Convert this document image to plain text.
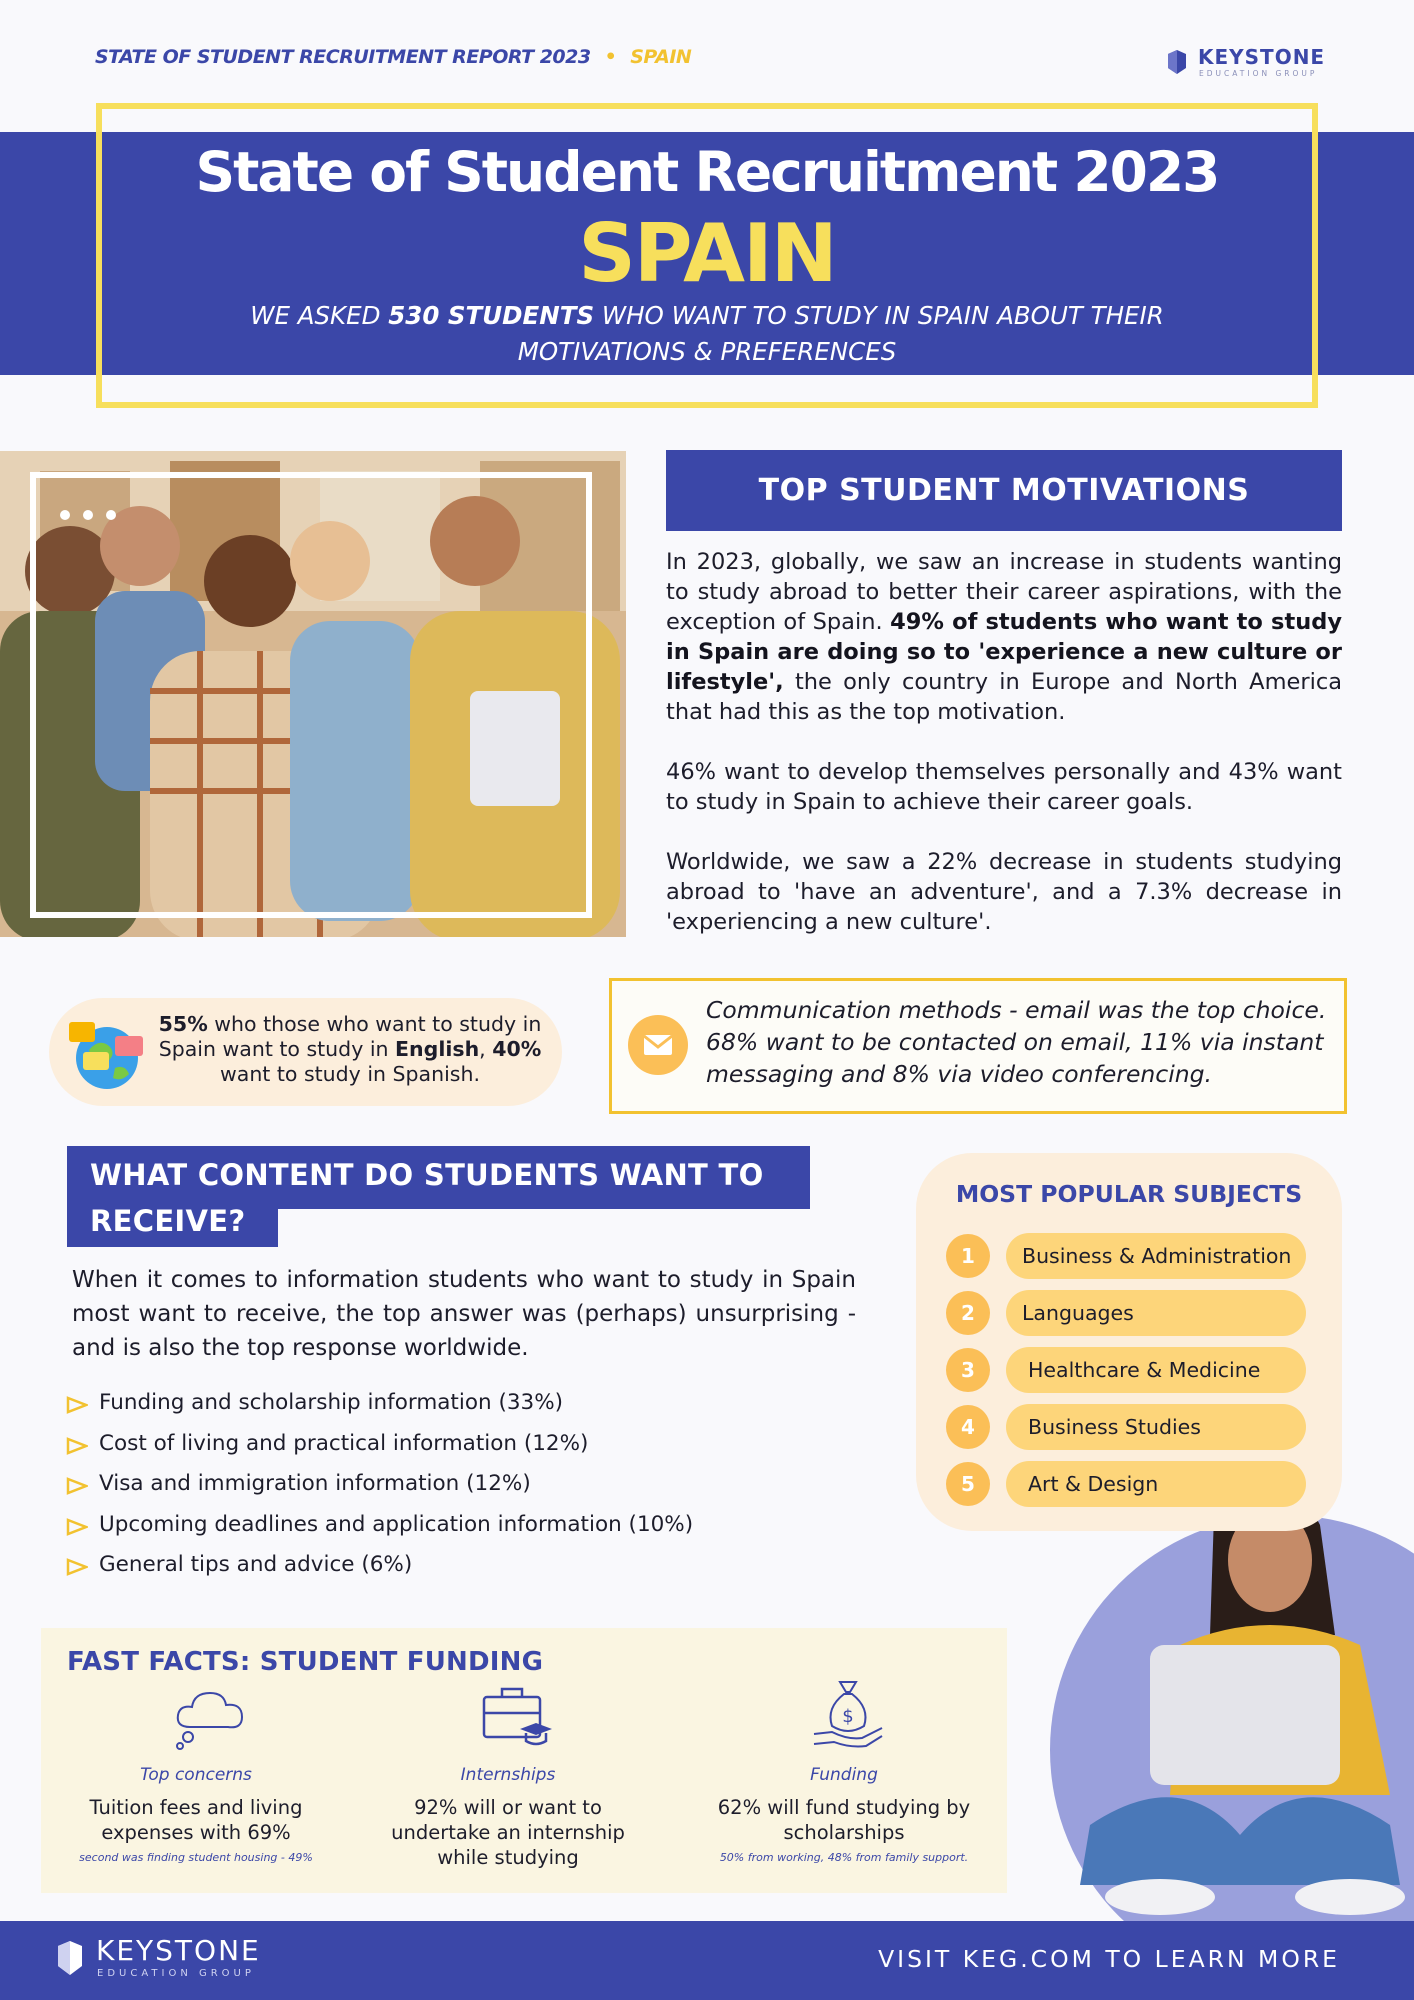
STATE OF STUDENT RECRUITMENT REPORT 2023 • SPAIN	KEYSTONE
EDUCATION GROUP
State of Student Recruitment 2023
SPAIN
WE ASKED 530 STUDENTS WHO WANT TO STUDY IN SPAIN ABOUT THEIR MOTIVATIONS & PREFERENCES
TOP STUDENT MOTIVATIONS

In 2023, globally, we saw an increase in students wanting to study abroad to better their career aspirations, with the exception of Spain. 49% of students who want to study in Spain are doing so to 'experience a new culture or lifestyle', the only country in Europe and North America that had this as the top motivation.

46% want to develop themselves personally and 43% want to study in Spain to achieve their career goals.

Worldwide, we saw a 22% decrease in students studying abroad to 'have an adventure', and a 7.3% decrease in 'experiencing a new culture'.

55% who those who want to study in Spain want to study in English, 40% want to study in Spanish.
Communication methods - email was the top choice. 68% want to be contacted on email, 11% via instant messaging and 8% via video conferencing.
WHAT CONTENT DO STUDENTS WANT TO RECEIVE?
When it comes to information students who want to study in Spain most want to receive, the top answer was (perhaps) unsurprising - and is also the top response worldwide.
Funding and scholarship information (33%)
Cost of living and practical information (12%)
Visa and immigration information (12%)
Upcoming deadlines and application information (10%)
General tips and advice (6%)
MOST POPULAR SUBJECTS
1	Business & Administration
2	Languages
3	Healthcare & Medicine
4	Business Studies
5	Art & Design
FAST FACTS: STUDENT FUNDING
$
Top concerns
Tuition fees and living expenses with 69%
second was finding student housing - 49%
Internships
92% will or want to undertake an internship while studying
Funding
62% will fund studying by scholarships
50% from working, 48% from family support.
KEYSTONE
EDUCATION GROUP
VISIT KEG.COM TO LEARN MORE
